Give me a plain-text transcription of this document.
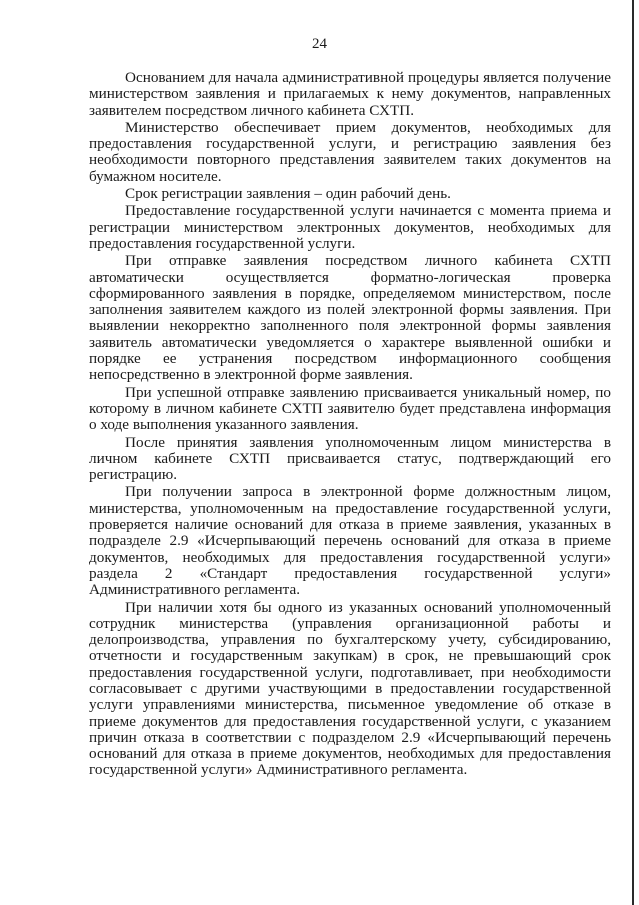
24

Основанием для начала административной процедуры является получение министерством заявления и прилагаемых к нему документов, направленных заявителем посредством личного кабинета СХТП.

Министерство обеспечивает прием документов, необходимых для предоставления государственной услуги, и регистрацию заявления без необходимости повторного представления заявителем таких документов на бумажном носителе.

Срок регистрации заявления – один рабочий день.

Предоставление государственной услуги начинается с момента приема и регистрации министерством электронных документов, необходимых для предоставления государственной услуги.

При отправке заявления посредством личного кабинета СХТП автоматически осуществляется форматно-логическая проверка сформированного заявления в порядке, определяемом министерством, после заполнения заявителем каждого из полей электронной формы заявления. При выявлении некорректно заполненного поля электронной формы заявления заявитель автоматически уведомляется о характере выявленной ошибки и порядке ее устранения посредством информационного сообщения непосредственно в электронной форме заявления.

При успешной отправке заявлению присваивается уникальный номер, по которому в личном кабинете СХТП заявителю будет представлена информация о ходе выполнения указанного заявления.

После принятия заявления уполномоченным лицом министерства в личном кабинете СХТП присваивается статус, подтверждающий его регистрацию.

При получении запроса в электронной форме должностным лицом, министерства, уполномоченным на предоставление государственной услуги, проверяется наличие оснований для отказа в приеме заявления, указанных в подразделе 2.9 «Исчерпывающий перечень оснований для отказа в приеме документов, необходимых для предоставления государственной услуги» раздела 2 «Стандарт предоставления государственной услуги» Административного регламента.

При наличии хотя бы одного из указанных оснований уполномоченный сотрудник министерства (управления организационной работы и делопроизводства, управления по бухгалтерскому учету, субсидированию, отчетности и государственным закупкам) в срок, не превышающий срок предоставления государственной услуги, подготавливает, при необходимости согласовывает с другими участвующими в предоставлении государственной услуги управлениями министерства, письменное уведомление об отказе в приеме документов для предоставления государственной услуги, с указанием причин отказа в соответствии с подразделом 2.9 «Исчерпывающий перечень оснований для отказа в приеме документов, необходимых для предоставления государственной услуги» Административного регламента.
